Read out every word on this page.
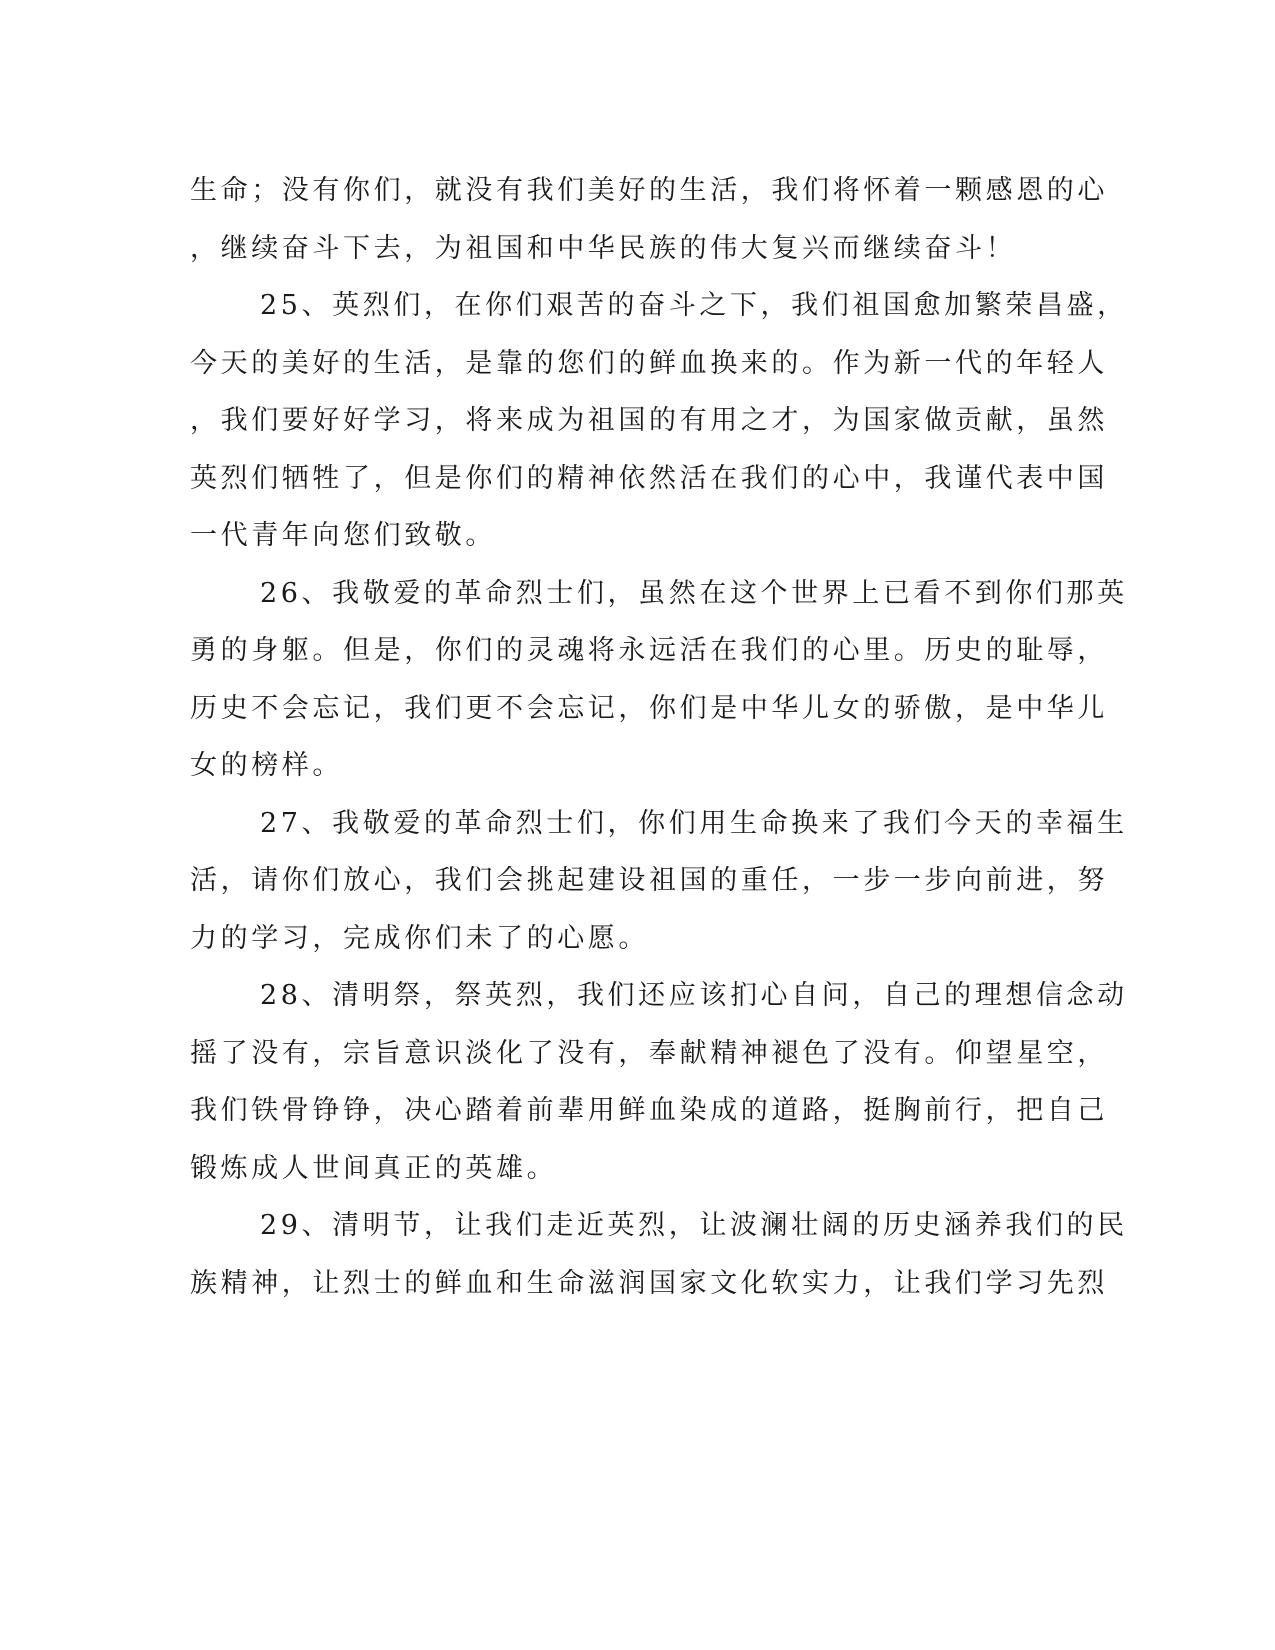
生命；没有你们，就没有我们美好的生活，我们将怀着一颗感恩的心
，继续奋斗下去，为祖国和中华民族的伟大复兴而继续奋斗！
25、英烈们，在你们艰苦的奋斗之下，我们祖国愈加繁荣昌盛，
今天的美好的生活，是靠的您们的鲜血换来的。作为新一代的年轻人
，我们要好好学习，将来成为祖国的有用之才，为国家做贡献，虽然
英烈们牺牲了，但是你们的精神依然活在我们的心中，我谨代表中国
一代青年向您们致敬。
26、我敬爱的革命烈士们，虽然在这个世界上已看不到你们那英
勇的身躯。但是，你们的灵魂将永远活在我们的心里。历史的耻辱，
历史不会忘记，我们更不会忘记，你们是中华儿女的骄傲，是中华儿
女的榜样。
27、我敬爱的革命烈士们，你们用生命换来了我们今天的幸福生
活，请你们放心，我们会挑起建设祖国的重任，一步一步向前进，努
力的学习，完成你们未了的心愿。
28、清明祭，祭英烈，我们还应该扪心自问，自己的理想信念动
摇了没有，宗旨意识淡化了没有，奉献精神褪色了没有。仰望星空，
我们铁骨铮铮，决心踏着前辈用鲜血染成的道路，挺胸前行，把自己
锻炼成人世间真正的英雄。
29、清明节，让我们走近英烈，让波澜壮阔的历史涵养我们的民
族精神，让烈士的鲜血和生命滋润国家文化软实力，让我们学习先烈
